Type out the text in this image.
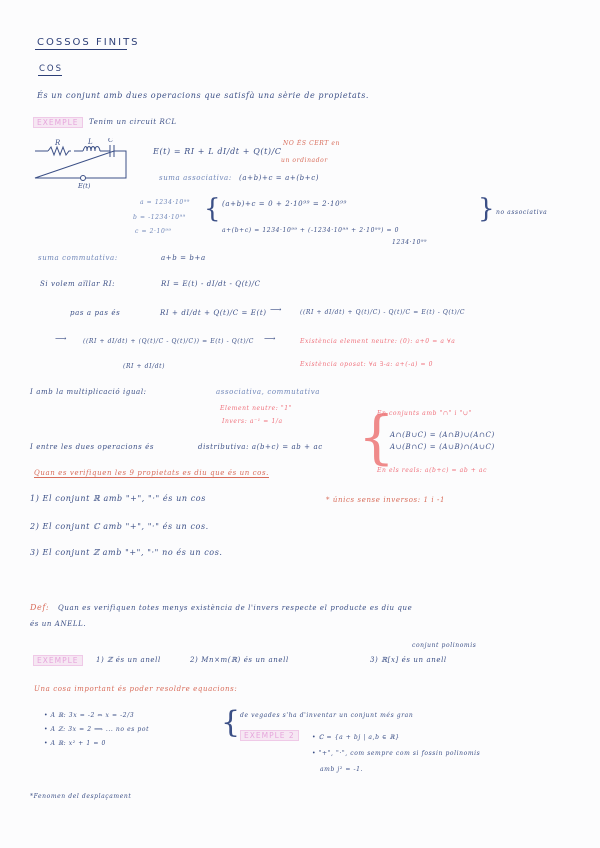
COSSOS FINITS
COS
És un conjunt amb dues operacions que satisfà una sèrie de propietats.
EXEMPLE	Tenim un circuit RCL
R	L C
E(t)
E(t) = RI + L dI/dt + Q(t)/C
NO ÉS CERT en
un ordinador
suma associativa: (a+b)+c = a+(b+c)
a = 1234·10⁹⁹
b = -1234·10⁹⁹
c = 2·10⁹⁹
{ (a+b)+c = 0 + 2·10⁹⁹ = 2·10⁹⁹
a+(b+c) = 1234·10⁹⁹ + (-1234·10⁹⁹ + 2·10⁹⁹) = 0
1234·10⁹⁹
} no associativa
suma commutativa:	a+b = b+a
Si volem aïllar RI:	RI = E(t) - dI/dt - Q(t)/C
pas a pas és	RI + dI/dt + Q(t)/C = E(t) ⟶	((RI + dI/dt) + Q(t)/C) - Q(t)/C = E(t) - Q(t)/C
⟶	((RI + dI/dt) + (Q(t)/C - Q(t)/C)) = E(t) - Q(t)/C ⟶
(RI + dI/dt)
Existència element neutre: (0): a+0 = a ∀a
Existència oposat: ∀a ∃-a: a+(-a) = 0
I amb la multiplicació igual:	associativa, commutativa
Element neutre: "1"
Invers: a⁻¹ = 1/a
I entre les dues operacions és	distributiva: a(b+c) = ab + ac {
En conjunts amb "∩" i "∪"
A∩(B∪C) = (A∩B)∪(A∩C)
A∪(B∩C) = (A∪B)∩(A∪C)
En els reals: a(b+c) = ab + ac
Quan es verifiquen les 9 propietats es diu que és un cos.
1) El conjunt ℝ amb "+", "·" és un cos	* únics sense inversos: 1 i -1
2) El conjunt ℂ amb "+", "·" és un cos.
3) El conjunt ℤ amb "+", "·" no és un cos.
Def: Quan es verifiquen totes menys existència de l'invers respecte el producte es diu que
és un ANELL.
EXEMPLE	1) ℤ és un anell	2) Mn×m(ℝ) és un anell	3) ℝ[x] és un anell
conjunt polinomis
Una cosa important és poder resoldre equacions:
• A ℝ: 3x = -2 ⇔ x = -2/3
• A ℤ: 3x = 2 ⟹ ... no es pot
• A ℝ: x² + 1 = 0
{ de vegades s'ha d'inventar un conjunt més gran
EXEMPLE 2	• ℂ = {a + bj | a,b ∈ ℝ}
• "+", "·", com sempre com si fossin polinomis
amb j² = -1.
*Fenomen del desplaçament
